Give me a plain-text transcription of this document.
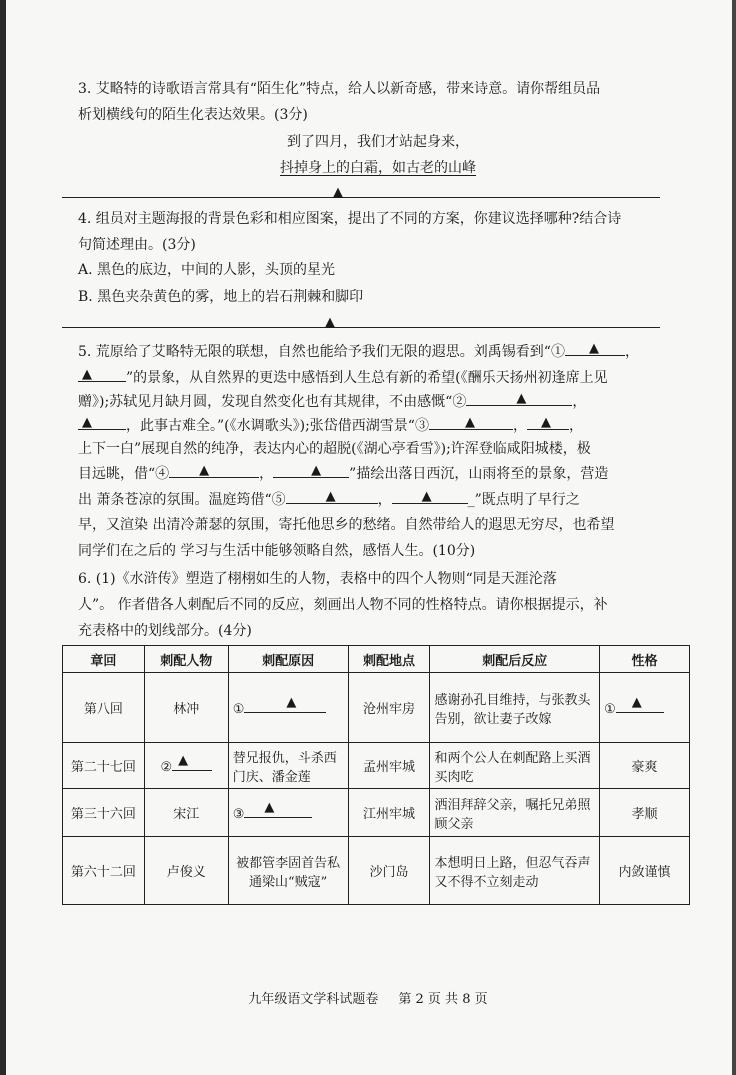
3. 艾略特的诗歌语言常具有“陌生化”特点，给人以新奇感，带来诗意。请你帮组员品
析划横线句的陌生化表达效果。(3分)
到了四月，我们才站起身来，
抖掉身上的白霜，如古老的山峰
▲
4. 组员对主题海报的背景色彩和相应图案，提出了不同的方案，你建议选择哪种?结合诗
句简述理由。(3分)
A. 黑色的底边，中间的人影，头顶的星光
B. 黑色夹杂黄色的雾，地上的岩石荆棘和脚印
▲
5. 荒原给了艾略特无限的联想，自然也能给予我们无限的遐思。刘禹锡看到“① ▲ ，
▲ ”的景象，从自然界的更迭中感悟到人生总有新的希望(《酬乐天扬州初逢席上见
赠》);苏轼见月缺月圆，发现自然变化也有其规律，不由感慨“②	▲	，
▲ ，此事古难全。”(《水调歌头》);张岱借西湖雪景“③	▲	， ▲ ，
上下一白”展现自然的纯净，表达内心的超脱(《湖心亭看雪》);许浑登临咸阳城楼，极
目远眺，借“④ ▲	，	▲ ”描绘出落日西沉，山雨将至的景象，营造
出 萧条苍凉的氛围。温庭筠借“⑤	▲	， ▲	_”既点明了早行之
早，又渲染 出清冷萧瑟的氛围，寄托他思乡的愁绪。自然带给人的遐思无穷尽，也希望
同学们在之后的 学习与生活中能够领略自然，感悟人生。(10分)
6. (1)《水浒传》塑造了栩栩如生的人物，表格中的四个人物则“同是天涯沦落
人”。 作者借各人刺配后不同的反应，刻画出人物不同的性格特点。请你根据提示，补
充表格中的划线部分。(4分)
章回	刺配人物	刺配原因	刺配地点	刺配后反应	性格
第八回	林冲	① ▲	沧州牢房	感谢孙孔目维持，与张教头告别，欲让妻子改嫁	① ▲

第二十七回	② ▲	替兄报仇，斗杀西门庆、潘金莲	孟州牢城	和两个公人在刺配路上买酒买肉吃	豪爽
第三十六回	宋江	③ ▲	江州牢城	洒泪拜辞父亲，嘱托兄弟照顾父亲	孝顺
第六十二回	卢俊义	被都管李固首告私通梁山“贼寇”	沙门岛	本想明日上路，但忍气吞声又不得不立刻走动	内敛谨慎
九年级语文学科试题卷 第 2 页 共 8 页
